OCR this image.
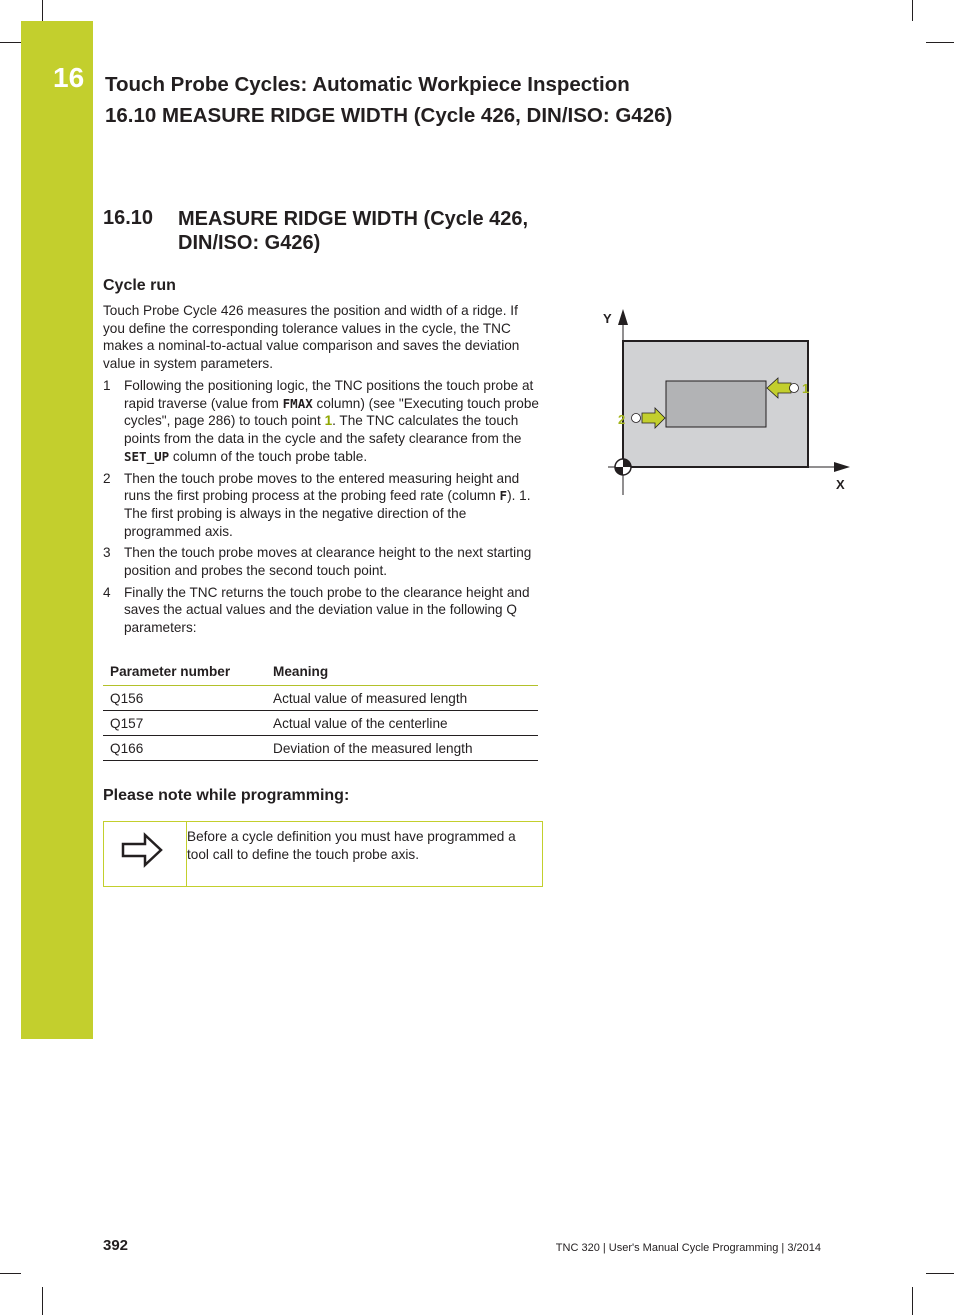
16 Touch Probe Cycles: Automatic Workpiece Inspection
16.10 MEASURE RIDGE WIDTH (Cycle 426, DIN/ISO: G426)
16.10 MEASURE RIDGE WIDTH (Cycle 426, DIN/ISO: G426)
Cycle run
Touch Probe Cycle 426 measures the position and width of a ridge. If you define the corresponding tolerance values in the cycle, the TNC makes a nominal-to-actual value comparison and saves the deviation value in system parameters.
1 Following the positioning logic, the TNC positions the touch probe at rapid traverse (value from FMAX column) (see "Executing touch probe cycles", page 286) to touch point 1. The TNC calculates the touch points from the data in the cycle and the safety clearance from the SET_UP column of the touch probe table.
2 Then the touch probe moves to the entered measuring height and runs the first probing process at the probing feed rate (column F). 1. The first probing is always in the negative direction of the programmed axis.
3 Then the touch probe moves at clearance height to the next starting position and probes the second touch point.
4 Finally the TNC returns the touch probe to the clearance height and saves the actual values and the deviation value in the following Q parameters:
Parameter number	Meaning
Q156	Actual value of measured length
Q157	Actual value of the centerline
Q166	Deviation of the measured length
Please note while programming:
Before a cycle definition you must have programmed a tool call to define the touch probe axis.
Y
X
1
2
392	TNC 320 | User's Manual Cycle Programming | 3/2014
